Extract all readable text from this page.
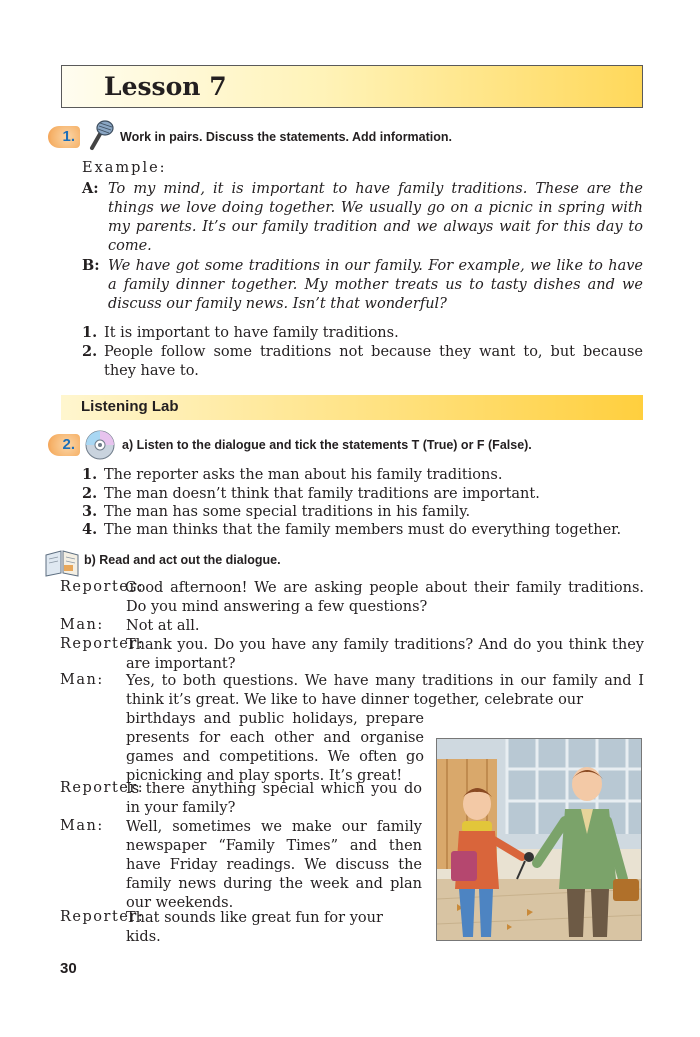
Lesson 7
1.	Work in pairs. Discuss the statements. Add information.
Example:
A: To my mind, it is important to have family traditions. These are the things we love doing together. We usually go on a picnic in spring with my parents. It’s our family tradition and we always wait for this day to come.
B: We have got some traditions in our family. For example, we like to have a family dinner together. My mother treats us to tasty dishes and we discuss our family news. Isn’t that wonderful?
1. It is important to have family traditions.
2. People follow some traditions not because they want to, but because they have to.
Listening Lab
2.	a) Listen to the dialogue and tick the statements T (True) or F (False).
1. The reporter asks the man about his family traditions.
2. The man doesn’t think that family traditions are important.
3. The man has some special traditions in his family.
4. The man thinks that the family members must do everything together.
b) Read and act out the dialogue.
Reporter:
Good afternoon! We are asking people about their family traditions. Do you mind answering a few questions?
Man: Not at all.
Reporter:
Thank you. Do you have any family traditions? And do you think they are important?
Man: Yes, to both questions. We have many traditions in our family and I think it’s great. We like to have dinner together, celebrate our
birthdays and public holidays, prepare presents for each other and organise games and competitions. We often go picnicking and play sports. It’s great!
Reporter:
Is there anything special which you do in your family?
Man: Well, sometimes we make our family newspaper “Family Times” and then have Friday readings. We discuss the family news during the week and plan our weekends.
Reporter:
That sounds like great fun for your kids.
30
